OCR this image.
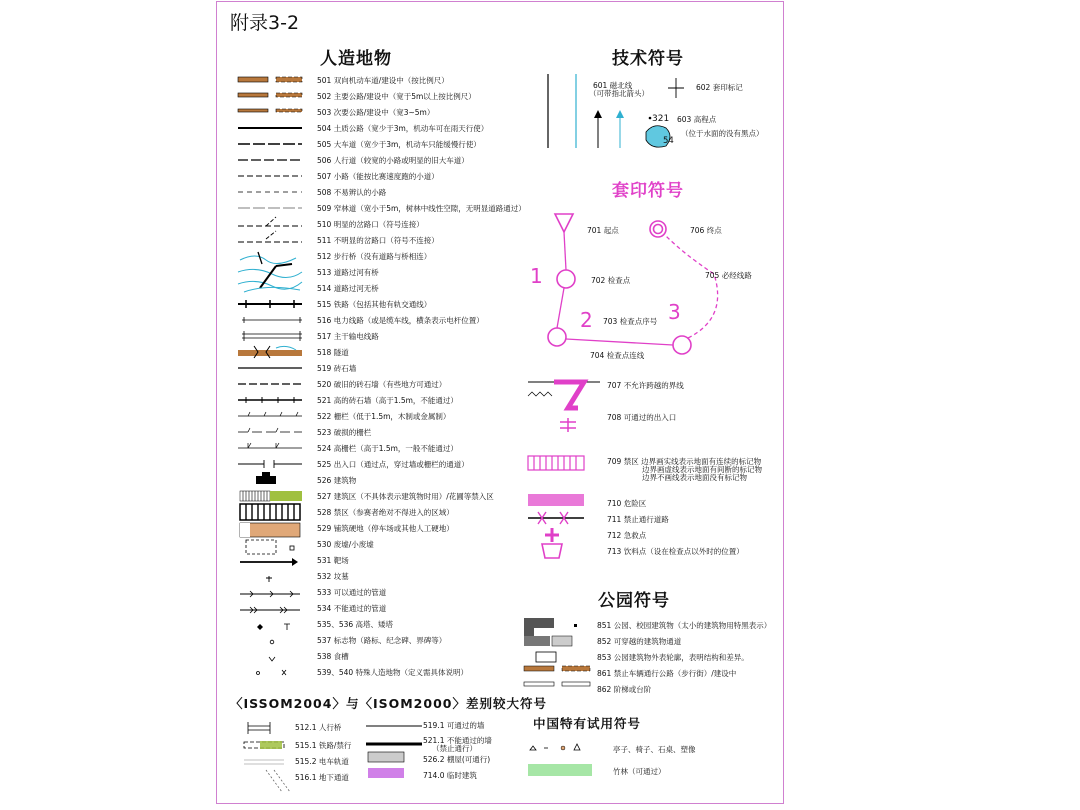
附录3-2
人造地物	技术符号
套印符号
公园符号
〈ISSOM2004〉与〈ISOM2000〉差别较大符号
中国特有试用符号
501 双向机动车道/建设中（按比例尺）
502 主要公路/建设中（宽于5m以上按比例尺）
503 次要公路/建设中（宽3~5m）
504 土质公路（宽少于3m，机动车可在雨天行使）
505 大车道（宽少于3m，机动车只能缓慢行使）
506 人行道（较宽的小路或明显的旧大车道）
507 小路（能按比赛速度跑的小道）
508 不易辨认的小路
509 窄林道（宽小于5m，树林中线性空隙，无明显道路通过）
510 明显的岔路口（符号连接）
511 不明显的岔路口（符号不连接）
512 步行桥（没有道路与桥相连）
513 道路过河有桥
514 道路过河无桥
515 铁路（包括其他有轨交通线）
516 电力线路（或是缆车线，横条表示电杆位置）
517 主干输电线路
518 隧道
519 砖石墙
520 破旧的砖石墙（有些地方可通过）
521 高的砖石墙（高于1.5m，不能通过）
522 栅栏（低于1.5m，木制或金属制）
523 破损的栅栏
524 高栅栏（高于1.5m，一般不能通过）
525 出入口（通过点，穿过墙或栅栏的通道）
526 建筑物
527 建筑区（不具体表示建筑物时用）/花圃等禁入区
528 禁区（参赛者绝对不得进入的区域）
529 铺筑硬地（停车场或其他人工硬地）
530 废墟/小废墟
531 靶场
532 坟墓
533 可以通过的管道
534 不能通过的管道
535、536 高塔、矮塔
537 标志物（路标、纪念碑、界碑等）
538 食槽
539、540 特殊人造地物（定义需具体说明）
601 磁北线
（可带指北箭头）
602 套印标记
321
54
603 高程点
（位于水面的没有黑点）
1
2	3
701 起点	706 终点
702 检查点
705 必经线路
703 检查点序号
704 检查点连线
707 不允许跨越的界线
708 可通过的出入口
709 禁区 边界画实线表示地面有连续的标记物
边界画虚线表示地面有间断的标记物
边界不画线表示地面没有标记物
710 危险区
711 禁止通行道路
712 急救点
713 饮料点（设在检查点以外时的位置）
851 公园、校园建筑物（太小的建筑物用特黑表示）
852 可穿越的建筑物通道
853 公园建筑物外表轮廓，表明结构和差异。
861 禁止车辆通行公路（步行街）/建设中
862 阶梯或台阶
512.1 人行桥
515.1 铁路/禁行
515.2 电车轨道
516.1 地下通道
519.1 可通过的墙
521.1 不能通过的墙
（禁止通行）
526.2 棚屋(可通行)
714.0 临时建筑
亭子、椅子、石桌、塑像
竹林（可通过）
